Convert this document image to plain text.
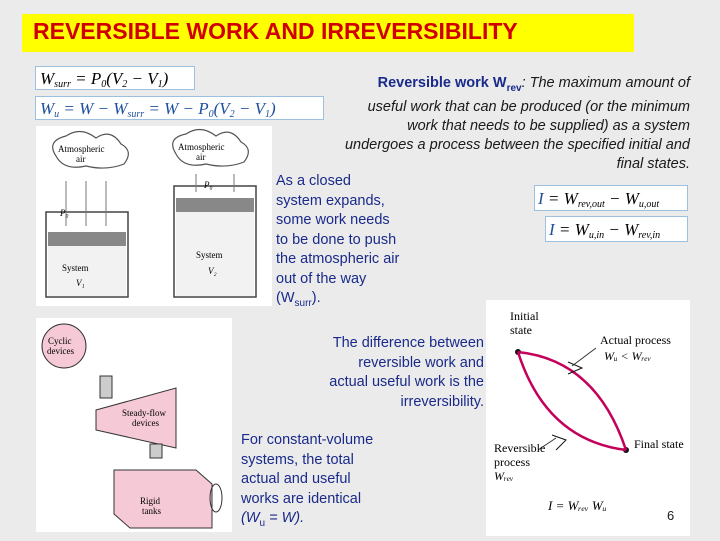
REVERSIBLE WORK AND IRREVERSIBILITY
Wsurr = P0(V2 − V1)
Wu = W − Wsurr = W − P0(V2 − V1)
Reversible work $W_{rev}$: The maximum amount of useful work that can be produced (or the minimum work that needs to be supplied) as a system undergoes a process between the specified initial and final states.
Atmospheric
air
P₀
System
V₁
Atmospheric
air
P₀
System
V₂
As a closed
system expands,
some work needs
to be done to push
the atmospheric air
out of the way
$(W_{surr})$.
I = Wrev,out − Wu,out
I = Wu,in − Wrev,in
Cyclic
devices
Steady-flow
devices
Rigid
tanks
The difference between
reversible work and
actual useful work is the
irreversibility.
For constant-volume
systems, the total
actual and useful
works are identical
$(W_u = W)$.
Initial
state
Actual process
Wᵤ < Wᵣₑᵥ
Final state
Reversible
process
Wᵣₑᵥ
I = Wᵣₑᵥ Wᵤ
6
